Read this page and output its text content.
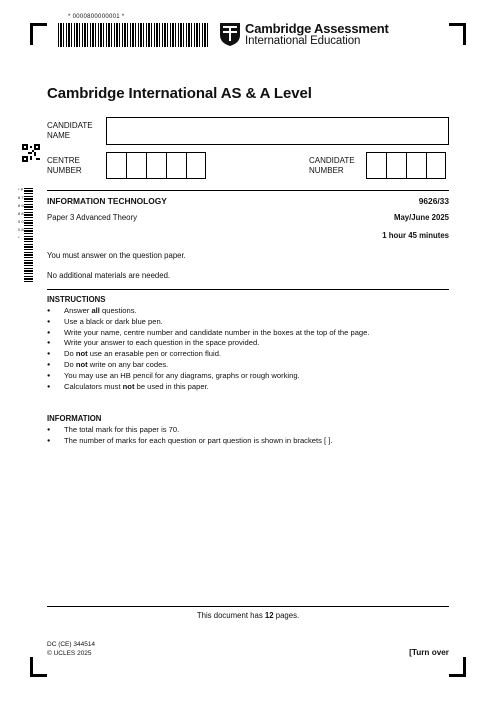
* 0000800000001 *
Cambridge Assessment
International Education
Cambridge International AS & A Level
CANDIDATE
NAME
CENTRE
NUMBER
CANDIDATE
NUMBER
* P 8 7 8 9 8 8 5 0 0 8 *
INFORMATION TECHNOLOGY	9626/33
Paper 3 Advanced Theory	May/June 2025
1 hour 45 minutes
You must answer on the question paper.
No additional materials are needed.
INSTRUCTIONS
● Answer all questions.
● Use a black or dark blue pen.
● Write your name, centre number and candidate number in the boxes at the top of the page.
● Write your answer to each question in the space provided.
● Do not use an erasable pen or correction fluid.
● Do not write on any bar codes.
● You may use an HB pencil for any diagrams, graphs or rough working.
● Calculators must not be used in this paper.
INFORMATION
● The total mark for this paper is 70.
● The number of marks for each question or part question is shown in brackets [ ].
This document has 12 pages.
DC (CE) 344514
© UCLES 2025	[Turn over
